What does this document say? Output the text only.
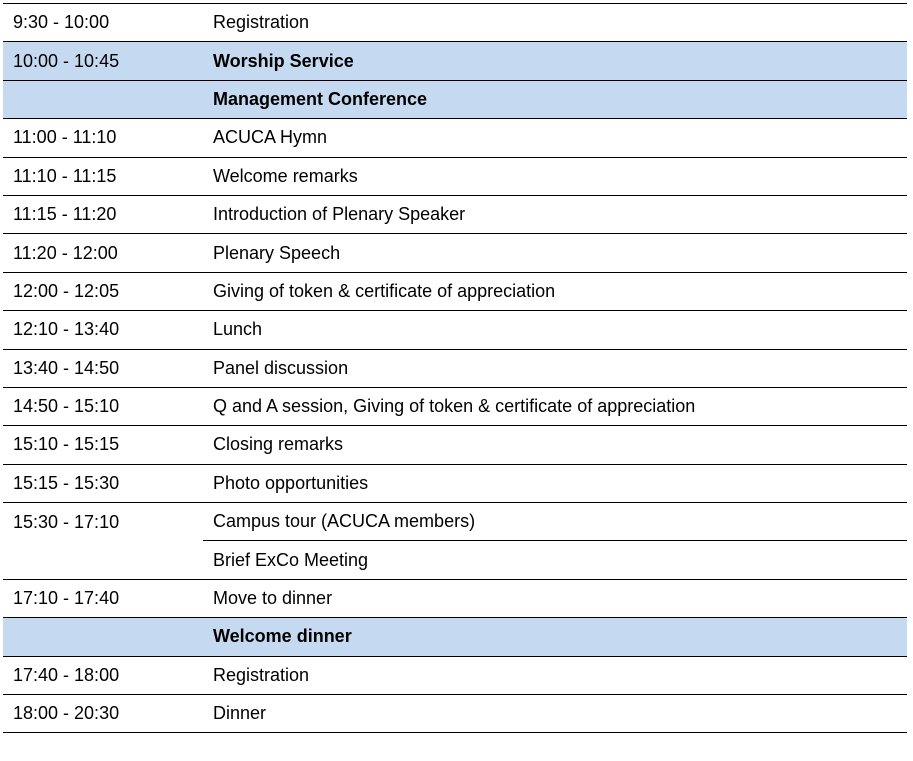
9:30 - 10:00	Registration
10:00 - 10:45	Worship Service
	Management Conference
11:00 - 11:10	ACUCA Hymn
11:10 - 11:15	Welcome remarks
11:15 - 11:20	Introduction of Plenary Speaker
11:20 - 12:00	Plenary Speech
12:00 - 12:05	Giving of token & certificate of appreciation
12:10 - 13:40	Lunch
13:40 - 14:50	Panel discussion
14:50 - 15:10	Q and A session, Giving of token & certificate of appreciation
15:10 - 15:15	Closing remarks
15:15 - 15:30	Photo opportunities
15:30 - 17:10	Campus tour (ACUCA members)
	Brief ExCo Meeting
17:10 - 17:40	Move to dinner
	Welcome dinner
17:40 - 18:00	Registration
18:00 - 20:30	Dinner
